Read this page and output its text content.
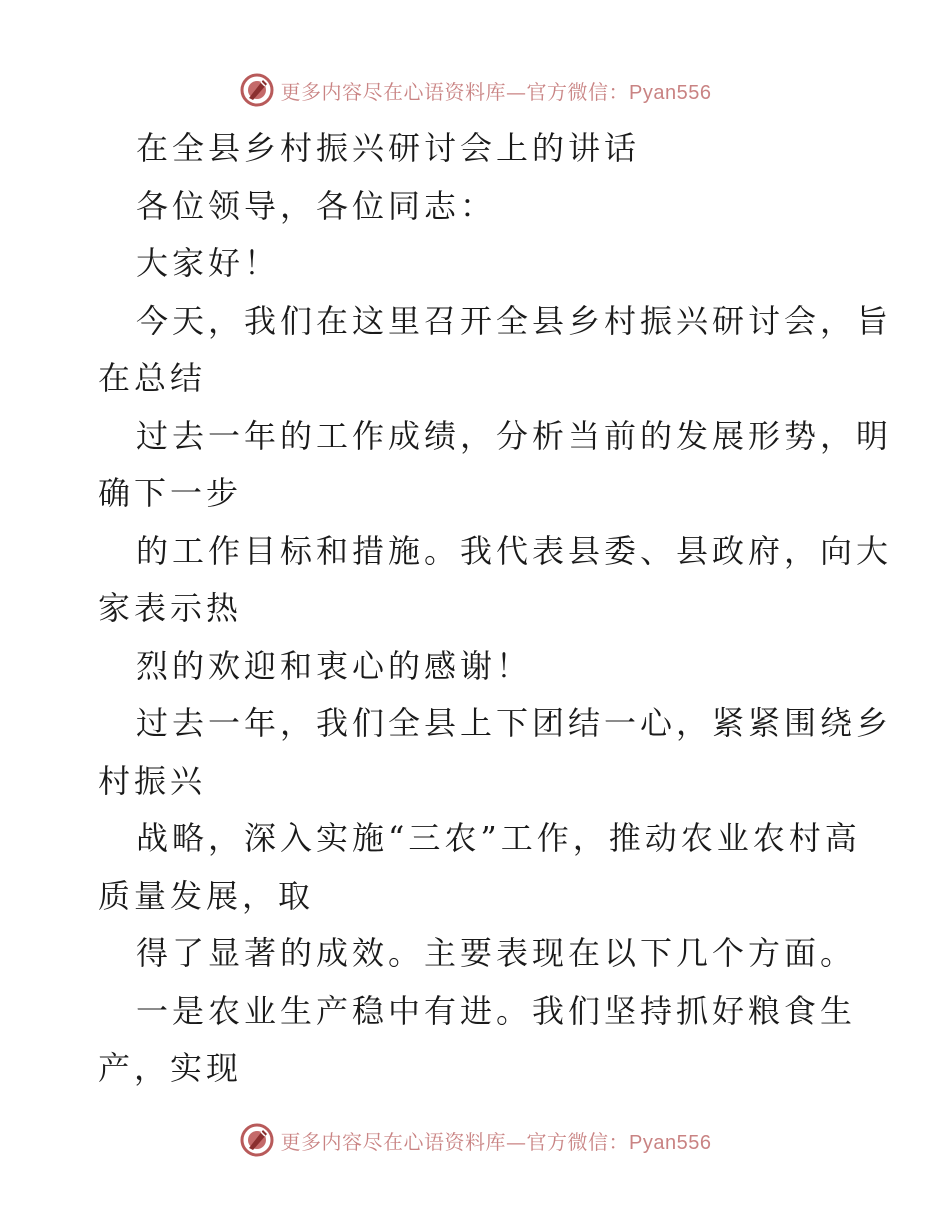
更多内容尽在心语资料库—官方微信：Pyan556

在全县乡村振兴研讨会上的讲话

各位领导，各位同志：

大家好！

今天，我们在这里召开全县乡村振兴研讨会，旨

在总结

过去一年的工作成绩，分析当前的发展形势，明

确下一步

的工作目标和措施。我代表县委、县政府，向大

家表示热

烈的欢迎和衷心的感谢！

过去一年，我们全县上下团结一心，紧紧围绕乡

村振兴

战略，深入实施“三农”工作，推动农业农村高

质量发展，取

得了显著的成效。主要表现在以下几个方面。

一是农业生产稳中有进。我们坚持抓好粮食生

产，实现

更多内容尽在心语资料库—官方微信：Pyan556
